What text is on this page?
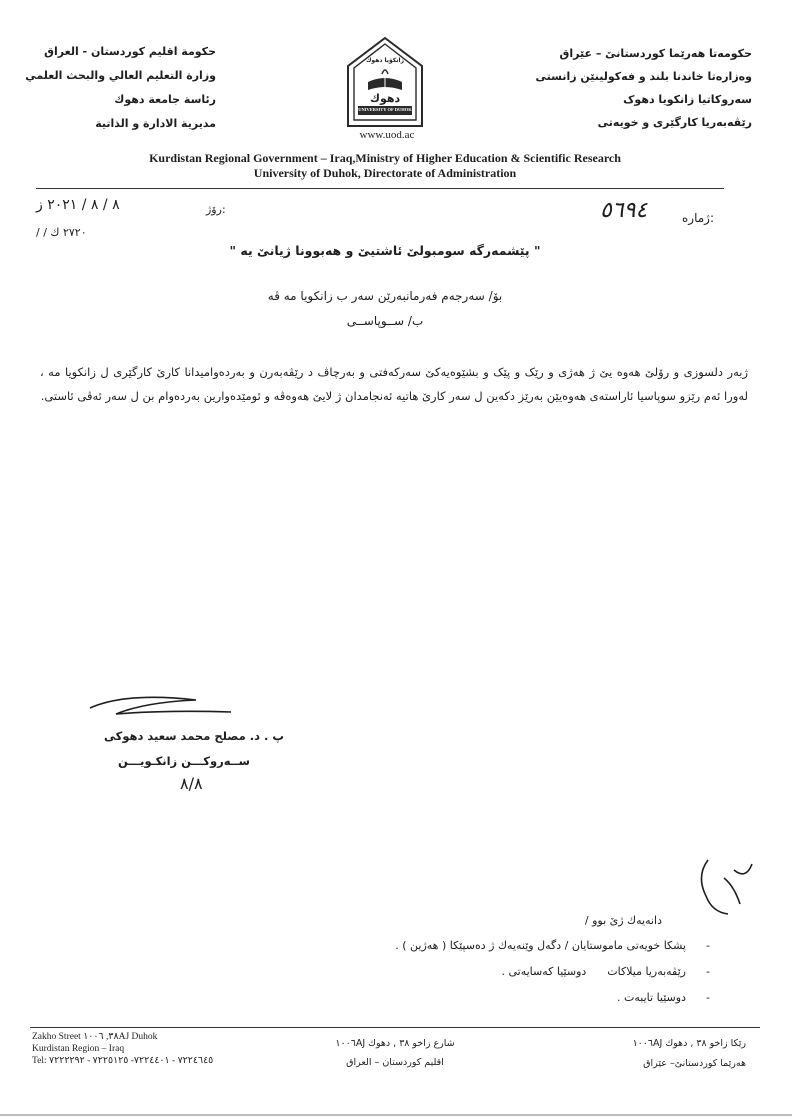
حکومەتا هەرێما کوردستانێ – عێراق
وەزارەتا خاندنا بلند و فەکولینێن زانستی
سەروکاتیا زانکویا دهوک
رێڤەبەریا کارگێری و خویەتی
حكومة اقليم كوردستان - العراق
وزارة التعليم العالي والبحث العلمي
رئاسة جامعة دهوك
مديرية الادارة و الذاتية
زانكۆیا دهوك
دهوك
UNIVERSITY OF DUHOK
www.uod.ac
Kurdistan Regional Government – Iraq,Ministry of Higher Education & Scientific Research
University of Duhok, Directorate of Administration
ژمارە:
٥٦٩٤
رۆژ:
٨ / ٨ / ٢٠٢١ ز
/ / ٢٧٢٠ ك
" پێشمەرگە سومبولێ ئاشتیێ و هەبوونا ژیانێ یە "
بۆ/ سەرجەم فەرمانبەرێن سەر ب زانكویا مە ڤە
ب/ ســوپاســی
ژبەر دلسوزی و رۆلێ هەوە یێ ژ هەژی و رێک و پێک و بشێوەیەکێ سەرکەفتی و بەرچاڤ د رێڤەبەرن و بەردەوامیدانا کارێ کارگێری ل زانکویا مە ، لەورا ئەم رێزو سوپاسیا ئاراستەی هەوەیێن بەرێز دکەین ل سەر کارێ هاتیە ئەنجامدان ژ لایێ هەوەڤە و ئومێدەوارین بەردەوام بن ل سەر ئەڤی ئاستی.
پ . د. مصلح محمد سعيد دهوكی
ســەروکـــن زانکـویـــن
٨/٨
دانەیەك ژێ بوو /
-
پشکا خویەتی ماموستایان / دگەل وێنەیەك ژ دەسپێکا ( هەژین ) .
-
رێڤەبەریا میلاکات      دوسێیا کەسایەتی .
-
دوسێیا تایبەت .
Zakho Street ٣٨, ١٠٠٦AJ Duhok
Kurdistan Region – Iraq
Tel: ٧٢٢٤٦٤٥ - ٧٢٢٤٤٠١- ٧٢٢٥١٢٥ - ٧٢٢٢٢٩٢
شارع زاخو ٣٨ , دهوك ١٠٠٦AJ
اقليم كوردستان – العراق
رێکا زاخو ٣٨ , دهوك ١٠٠٦AJ
هەرێما کوردستانێ– عێراق
